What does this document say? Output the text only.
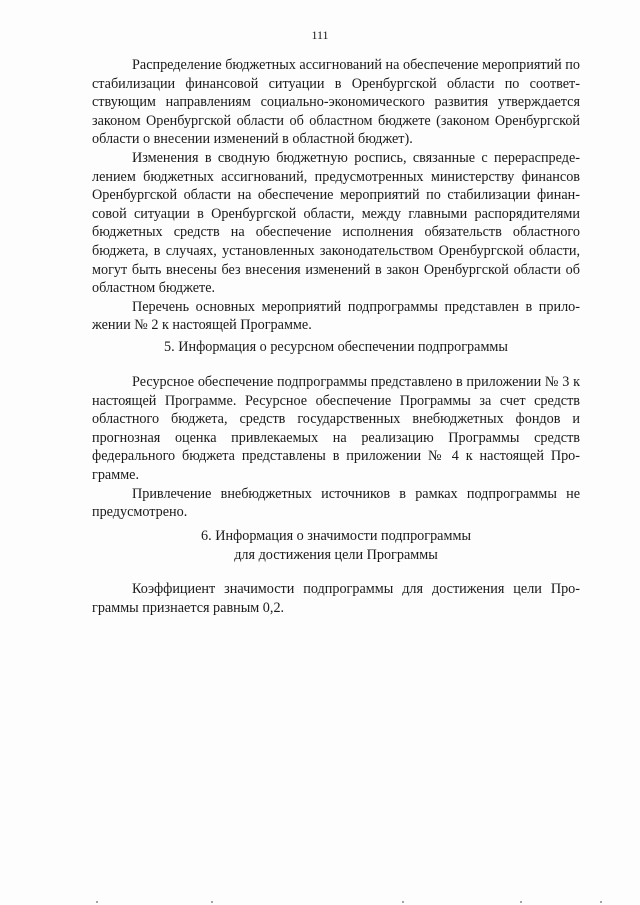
111

Распределение бюджетных ассигнований на обеспечение мероприятий по стабилизации финансовой ситуации в Оренбургской области по соответствующим направлениям социально-экономического развития утверждается законом Оренбургской области об областном бюджете (законом Оренбургской области о внесении изменений в областной бюджет).

Изменения в сводную бюджетную роспись, связанные с перераспределением бюджетных ассигнований, предусмотренных министерству финансов Оренбургской области на обеспечение мероприятий по стабилизации финансовой ситуации в Оренбургской области, между главными распорядителями бюджетных средств на обеспечение исполнения обязательств областного бюджета, в случаях, установленных законодательством Оренбургской области, могут быть внесены без внесения изменений в закон Оренбургской области об областном бюджете.

Перечень основных мероприятий подпрограммы представлен в приложении № 2 к настоящей Программе.

5. Информация о ресурсном обеспечении подпрограммы

Ресурсное обеспечение подпрограммы представлено в приложении № 3 к настоящей Программе. Ресурсное обеспечение Программы за счет средств областного бюджета, средств государственных внебюджетных фондов и прогнозная оценка привлекаемых на реализацию Программы средств федерального бюджета представлены в приложении № 4 к настоящей Программе.

Привлечение внебюджетных источников в рамках подпрограммы не предусмотрено.

6. Информация о значимости подпрограммы
для достижения цели Программы

Коэффициент значимости подпрограммы для достижения цели Программы признается равным 0,2.
